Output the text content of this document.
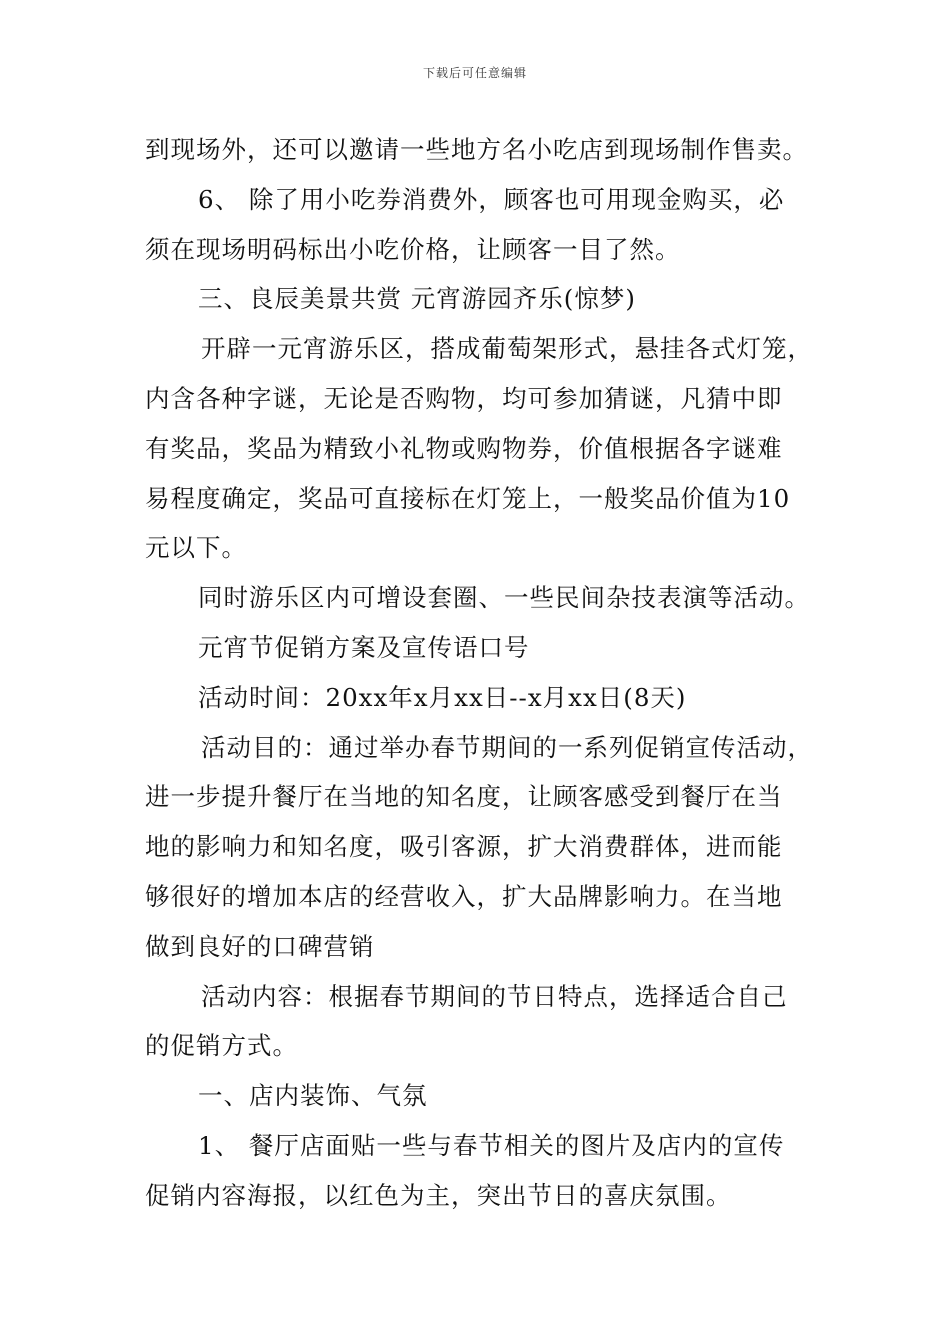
下载后可任意编辑
到现场外，还可以邀请一些地方名小吃店到现场制作售卖。
6、 除了用小吃券消费外，顾客也可用现金购买，必
须在现场明码标出小吃价格，让顾客一目了然。
三、良辰美景共赏 元宵游园齐乐(惊梦)
开辟一元宵游乐区，搭成葡萄架形式，悬挂各式灯笼，
内含各种字谜，无论是否购物，均可参加猜谜，凡猜中即
有奖品，奖品为精致小礼物或购物券，价值根据各字谜难
易程度确定，奖品可直接标在灯笼上，一般奖品价值为10
元以下。
同时游乐区内可增设套圈、一些民间杂技表演等活动。
元宵节促销方案及宣传语口号
活动时间：20xx年x月xx日--x月xx日(8天)
活动目的：通过举办春节期间的一系列促销宣传活动，
进一步提升餐厅在当地的知名度，让顾客感受到餐厅在当
地的影响力和知名度，吸引客源，扩大消费群体，进而能
够很好的增加本店的经营收入，扩大品牌影响力。在当地
做到良好的口碑营销
活动内容：根据春节期间的节日特点，选择适合自己
的促销方式。
一、店内装饰、气氛
1、 餐厅店面贴一些与春节相关的图片及店内的宣传
促销内容海报，以红色为主，突出节日的喜庆氛围。
